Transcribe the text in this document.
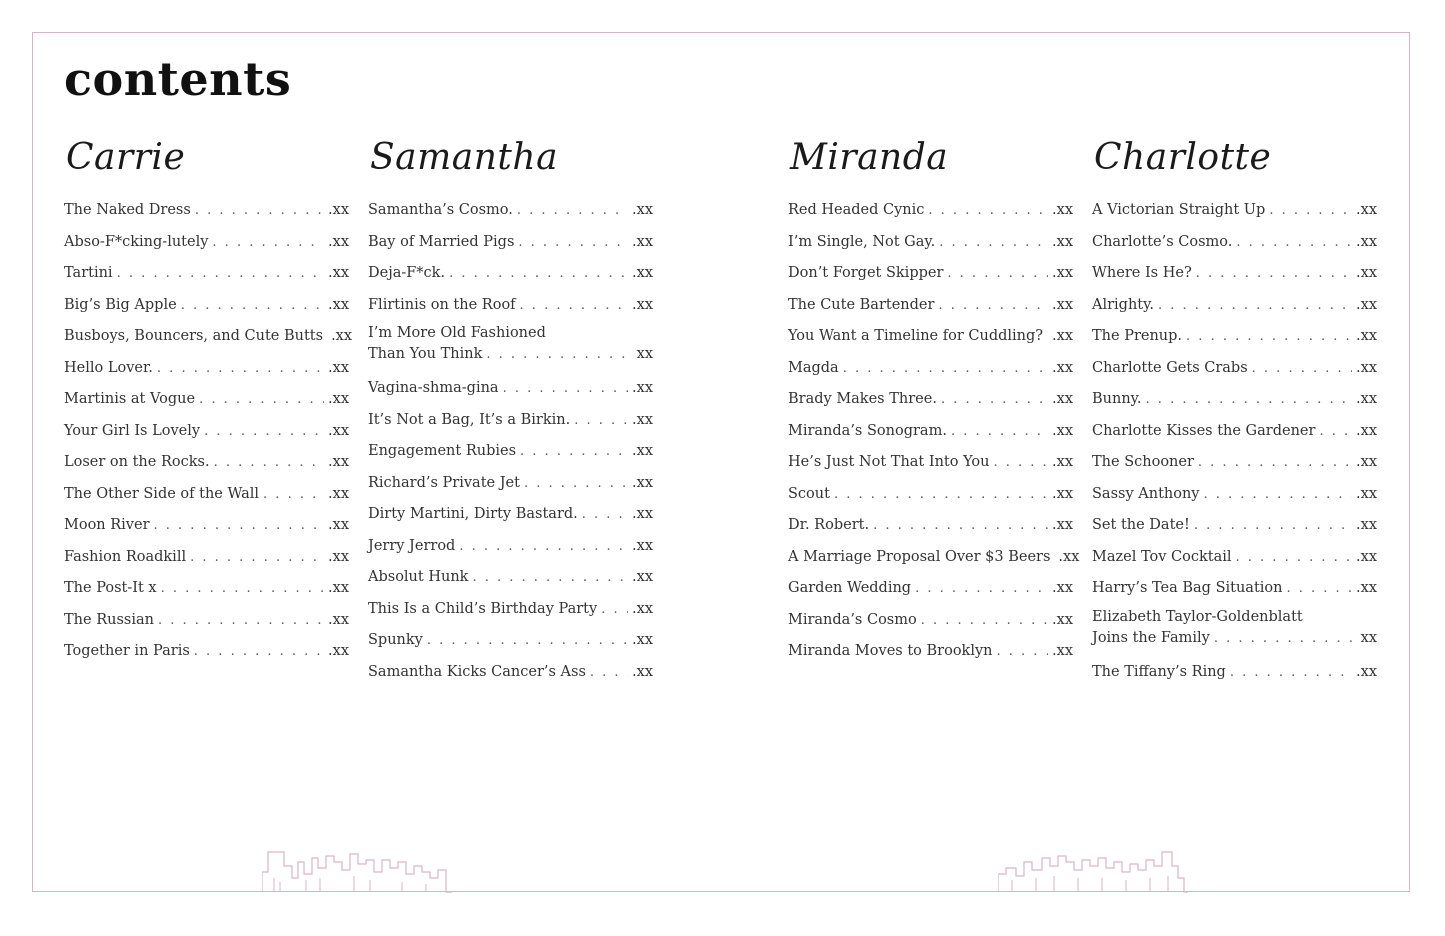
contents
Carrie
The Naked Dress . . .	.xx
Abso-F*cking-lutely . . .	.xx
Tartini . . .	.xx
Big’s Big Apple . . .	.xx
Busboys, Bouncers, and Cute Butts .xx
Hello Lover. . . .	.xx
Martinis at Vogue . . .	.xx
Your Girl Is Lovely . . .	.xx
Loser on the Rocks. . . .	.xx
The Other Side of the Wall . . .	.xx
Moon River . . .	.xx
Fashion Roadkill . . .	.xx
The Post-It x . . .	.xx
The Russian . . .	.xx
Together in Paris . . .	.xx
Samantha
Samantha’s Cosmo. . . .	.xx
Bay of Married Pigs . . .	.xx
Deja-F*ck. . . .	.xx
Flirtinis on the Roof . . .	.xx
I’m More Old Fashioned
Than You Think . . .	xx
Vagina-shma-gina . . .	.xx
It’s Not a Bag, It’s a Birkin. . . .	.xx
Engagement Rubies . . .	.xx
Richard’s Private Jet . . .	.xx
Dirty Martini, Dirty Bastard. . . .	.xx
Jerry Jerrod . . .	.xx
Absolut Hunk . . .	.xx
This Is a Child’s Birthday Party . . . .xx
Spunky . . .	.xx
Samantha Kicks Cancer’s Ass . . .	.xx
Miranda
Red Headed Cynic . . .	.xx
I’m Single, Not Gay. . . .	.xx
Don’t Forget Skipper . . .	.xx
The Cute Bartender . . .	.xx
You Want a Timeline for Cuddling? . . . .xx
Magda . . .	.xx
Brady Makes Three. . . .	.xx
Miranda’s Sonogram. . . .	.xx
He’s Just Not That Into You . . .	.xx
Scout . . .	.xx
Dr. Robert. . . .	.xx
A Marriage Proposal Over $3 Beers .xx
Garden Wedding . . .	.xx
Miranda’s Cosmo . . .	.xx
Miranda Moves to Brooklyn . . .	.xx
Charlotte
A Victorian Straight Up . . .	.xx
Charlotte’s Cosmo. . . .	.xx
Where Is He? . . .	.xx
Alrighty. . . .	.xx
The Prenup. . . .	.xx
Charlotte Gets Crabs . . .	.xx
Bunny. . . .	.xx
Charlotte Kisses the Gardener . . .	.xx
The Schooner . . .	.xx
Sassy Anthony . . .	.xx
Set the Date! . . .	.xx
Mazel Tov Cocktail . . .	.xx
Harry’s Tea Bag Situation . . .	.xx
Elizabeth Taylor-Goldenblatt
Joins the Family . . .	xx
The Tiffany’s Ring . . .	.xx
